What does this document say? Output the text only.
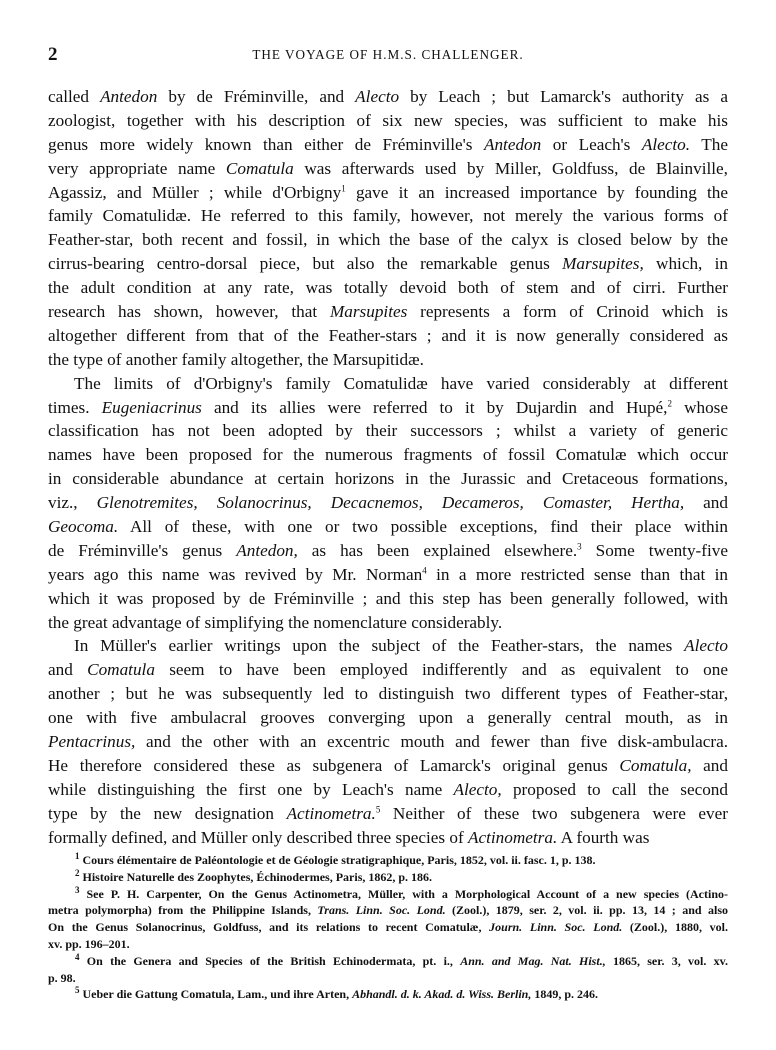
2	THE VOYAGE OF H.M.S. CHALLENGER.
called Antedon by de Fréminville, and Alecto by Leach ; but Lamarck's authority as a
zoologist, together with his description of six new species, was sufficient to make his
genus more widely known than either de Fréminville's Antedon or Leach's Alecto. The
very appropriate name Comatula was afterwards used by Miller, Goldfuss, de Blainville,
Agassiz, and Müller ; while d'Orbigny$^1$ gave it an increased importance by founding the
family Comatulidæ. He referred to this family, however, not merely the various forms of
Feather-star, both recent and fossil, in which the base of the calyx is closed below by the
cirrus-bearing centro-dorsal piece, but also the remarkable genus Marsupites, which, in
the adult condition at any rate, was totally devoid both of stem and of cirri. Further
research has shown, however, that Marsupites represents a form of Crinoid which is
altogether different from that of the Feather-stars ; and it is now generally considered as
the type of another family altogether, the Marsupitidæ.
The limits of d'Orbigny's family Comatulidæ have varied considerably at different
times. Eugeniacrinus and its allies were referred to it by Dujardin and Hupé,$^2$ whose
classification has not been adopted by their successors ; whilst a variety of generic
names have been proposed for the numerous fragments of fossil Comatulæ which occur
in considerable abundance at certain horizons in the Jurassic and Cretaceous formations,
viz., Glenotremites, Solanocrinus, Decacnemos, Decameros, Comaster, Hertha, and
Geocoma. All of these, with one or two possible exceptions, find their place within
de Fréminville's genus Antedon, as has been explained elsewhere.$^3$ Some twenty-five
years ago this name was revived by Mr. Norman$^4$ in a more restricted sense than that in
which it was proposed by de Fréminville ; and this step has been generally followed, with
the great advantage of simplifying the nomenclature considerably.
In Müller's earlier writings upon the subject of the Feather-stars, the names Alecto
and Comatula seem to have been employed indifferently and as equivalent to one
another ; but he was subsequently led to distinguish two different types of Feather-star,
one with five ambulacral grooves converging upon a generally central mouth, as in
Pentacrinus, and the other with an excentric mouth and fewer than five disk-ambulacra.
He therefore considered these as subgenera of Lamarck's original genus Comatula, and
while distinguishing the first one by Leach's name Alecto, proposed to call the second
type by the new designation Actinometra.$^5$ Neither of these two subgenera were ever
formally defined, and Müller only described three species of Actinometra. A fourth was
$^1$ Cours élémentaire de Paléontologie et de Géologie stratigraphique, Paris, 1852, vol. ii. fasc. 1, p. 138.
$^2$ Histoire Naturelle des Zoophytes, Échinodermes, Paris, 1862, p. 186.
$^3$ See P. H. Carpenter, On the Genus Actinometra, Müller, with a Morphological Account of a new species (Actino-
metra polymorpha) from the Philippine Islands, Trans. Linn. Soc. Lond. (Zool.), 1879, ser. 2, vol. ii. pp. 13, 14 ; and also
On the Genus Solanocrinus, Goldfuss, and its relations to recent Comatulæ, Journ. Linn. Soc. Lond. (Zool.), 1880, vol.
xv. pp. 196–201.
$^4$ On the Genera and Species of the British Echinodermata, pt. i., Ann. and Mag. Nat. Hist., 1865, ser. 3, vol. xv.
p. 98.
$^5$ Ueber die Gattung Comatula, Lam., und ihre Arten, Abhandl. d. k. Akad. d. Wiss. Berlin, 1849, p. 246.
